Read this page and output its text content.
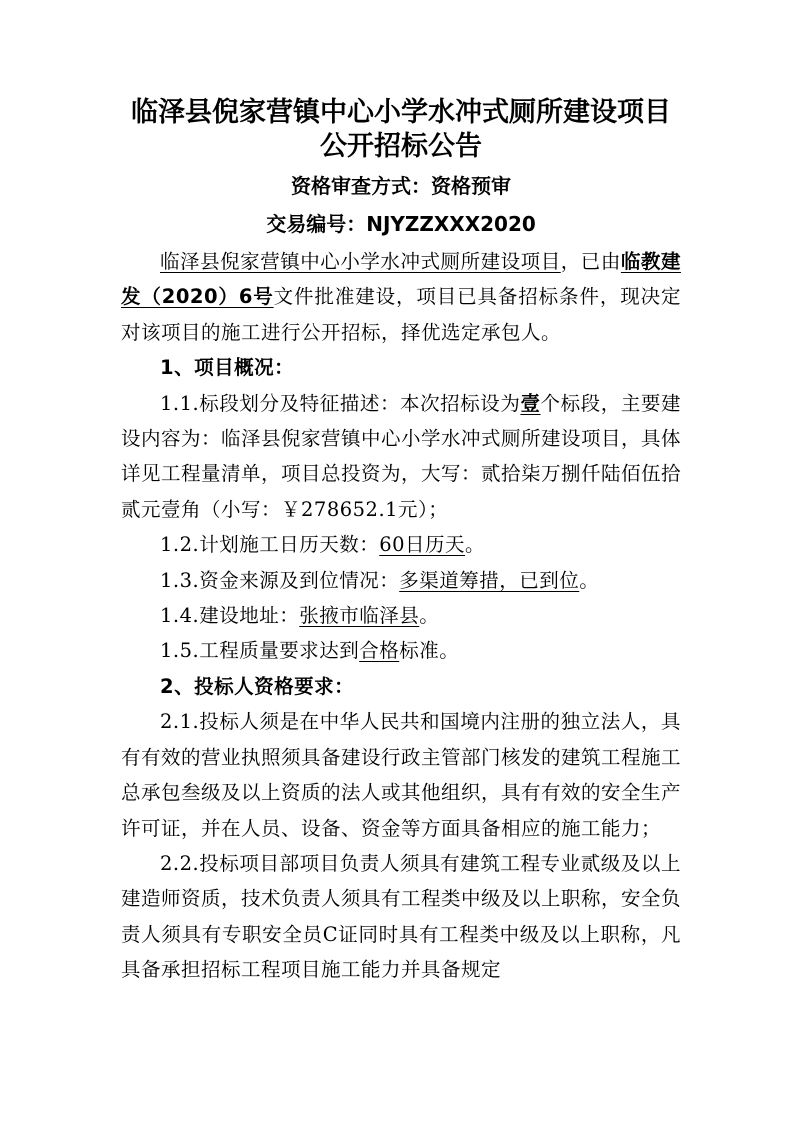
临泽县倪家营镇中心小学水冲式厕所建设项目
公开招标公告

资格审查方式：资格预审

交易编号：NJYZZXXX2020

临泽县倪家营镇中心小学水冲式厕所建设项目，已由临教建发（2020）6号文件批准建设，项目已具备招标条件，现决定对该项目的施工进行公开招标，择优选定承包人。

1、项目概况：

1.1.标段划分及特征描述：本次招标设为壹个标段，主要建设内容为：临泽县倪家营镇中心小学水冲式厕所建设项目，具体详见工程量清单，项目总投资为，大写：贰拾柒万捌仟陆佰伍拾贰元壹角（小写：￥278652.1元）；

1.2.计划施工日历天数：60日历天。

1.3.资金来源及到位情况：多渠道筹措，已到位。

1.4.建设地址：张掖市临泽县。

1.5.工程质量要求达到合格标准。

2、投标人资格要求：

2.1.投标人须是在中华人民共和国境内注册的独立法人，具有有效的营业执照须具备建设行政主管部门核发的建筑工程施工总承包叁级及以上资质的法人或其他组织，具有有效的安全生产许可证，并在人员、设备、资金等方面具备相应的施工能力；

2.2.投标项目部项目负责人须具有建筑工程专业贰级及以上建造师资质，技术负责人须具有工程类中级及以上职称，安全负责人须具有专职安全员C证同时具有工程类中级及以上职称，凡具备承担招标工程项目施工能力并具备规定
